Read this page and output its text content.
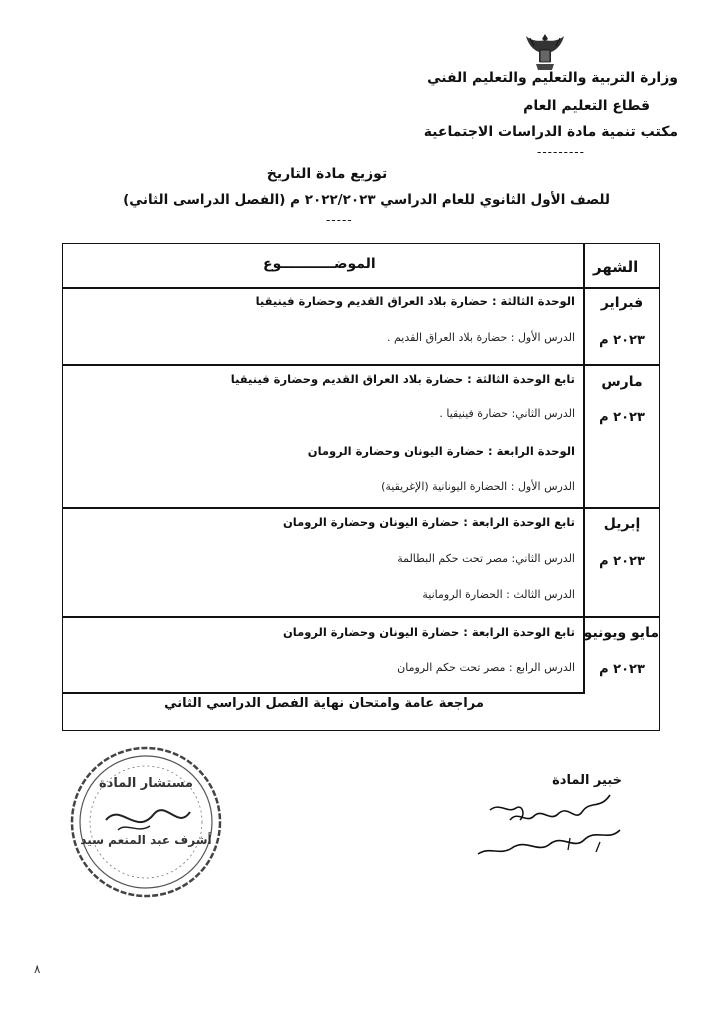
وزارة التربية والتعليم والتعليم الفني
قطاع التعليم العام
مكتب تنمية مادة الدراسات الاجتماعية
---------
توزيع مادة التاريخ
للصف الأول الثانوي للعام الدراسي ٢٠٢٢/٢٠٢٣ م (الفصل الدراسى الثاني)
-----
الشهر
الموضـــــــــــوع
فبراير
٢٠٢٣ م
الوحدة الثالثة : حضارة بلاد العراق القديم وحضارة فينيقيا
الدرس الأول : حضارة بلاد العراق القديم .
مارس
٢٠٢٣ م
تابع الوحدة الثالثة : حضارة بلاد العراق القديم وحضارة فينيقيا
الدرس الثاني: حضارة فينيقيا .
الوحدة الرابعة : حضارة اليونان وحضارة الرومان
الدرس الأول : الحضارة اليونانية (الإغريقية)
إبريل
٢٠٢٣ م
تابع الوحدة الرابعة : حضارة اليونان وحضارة الرومان
الدرس الثاني: مصر تحت حكم البطالمة
الدرس الثالث : الحضارة الرومانية
مايو ويونيو
٢٠٢٣ م
تابع الوحدة الرابعة : حضارة اليونان وحضارة الرومان
الدرس الرابع : مصر تحت حكم الرومان
مراجعة عامة وامتحان نهاية الفصل الدراسي الثاني
مستشار المادة
أشرف عبد المنعم سيد
خبير المادة
٨
